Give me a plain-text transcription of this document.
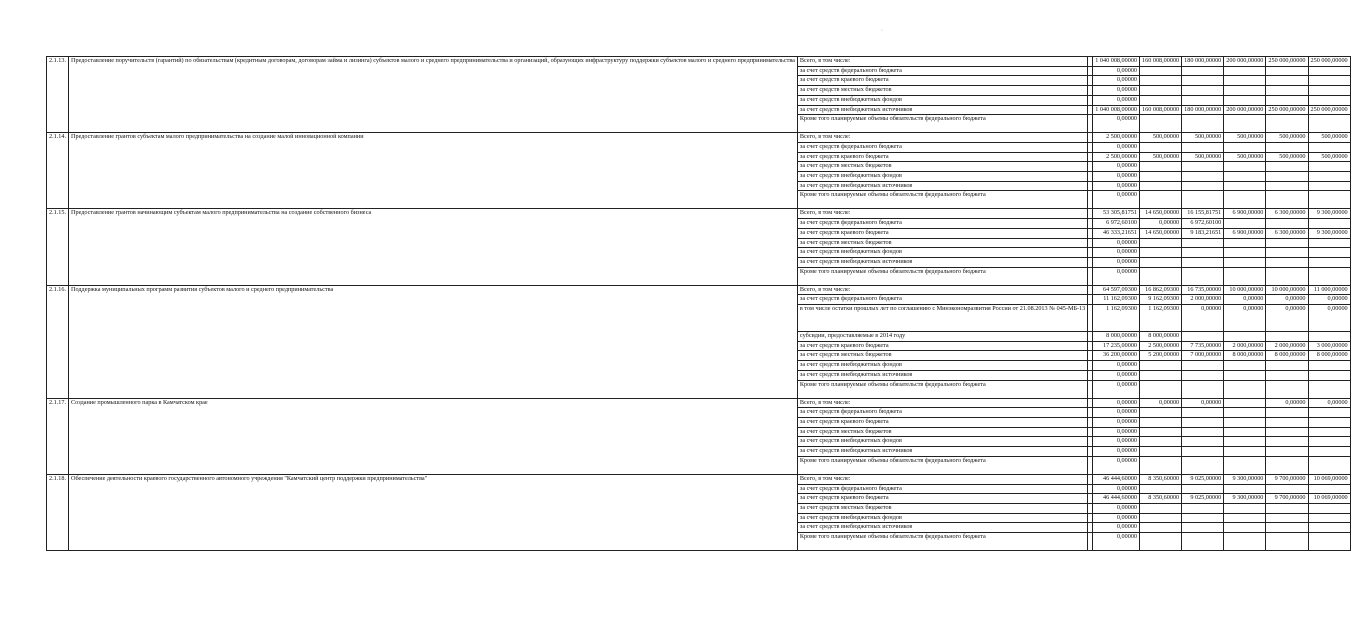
·
2.1.13.	Предоставление поручительств (гарантий) по обязательствам (кредитным договорам, договорам займа и лизинга) субъектов малого и среднего предпринимательства и организаций, образующих инфраструктуру поддержки субъектов малого и среднего предпринимательства	Всего, в том числе:		1 040 008,00000	160 008,00000	180 000,00000	200 000,00000	250 000,00000	250 000,00000
		за счет средств федерального бюджета		0,00000					
		за счет средств краевого бюджета		0,00000					
		за счет средств местных бюджетов		0,00000					
		за счет средств внебюджетных фондов		0,00000					
		за счет средств внебюджетных источников		1 040 008,00000	160 008,00000	180 000,00000	200 000,00000	250 000,00000	250 000,00000
		Кроме того планируемые объемы обязательств федерального бюджета		0,00000					
2.1.14.	Предоставление грантов субъектам малого предпринимательства на создание малой инновационной компании	Всего, в том числе:		2 500,00000	500,00000	500,00000	500,00000	500,00000	500,00000
		за счет средств федерального бюджета		0,00000					
		за счет средств краевого бюджета		2 500,00000	500,00000	500,00000	500,00000	500,00000	500,00000
		за счет средств местных бюджетов		0,00000					
		за счет средств внебюджетных фондов		0,00000					
		за счет средств внебюджетных источников		0,00000					
		Кроме того планируемые объемы обязательств федерального бюджета		0,00000					
2.1.15.	Предоставление грантов начинающим субъектам малого предпринимательства на создание собственного бизнеса	Всего, в том числе:		53 305,81751	14 650,00000	16 155,81751	6 900,00000	6 300,00000	9 300,00000
		за счет средств федерального бюджета		6 972,60100	0,00000	6 972,60100			
		за счет средств краевого бюджета		46 333,21651	14 650,00000	9 183,21651	6 900,00000	6 300,00000	9 300,00000
		за счет средств местных бюджетов		0,00000					
		за счет средств внебюджетных фондов		0,00000					
		за счет средств внебюджетных источников		0,00000					
		Кроме того планируемые объемы обязательств федерального бюджета		0,00000					
2.1.16.	Поддержка муниципальных программ развития субъектов малого и среднего предпринимательства	Всего, в том числе:		64 597,09300	16 862,09300	16 735,00000	10 000,00000	10 000,00000	11 000,00000
		за счет средств федерального бюджета		11 162,09300	9 162,09300	2 000,00000	0,00000	0,00000	0,00000
		в том числе остатки прошлых лет по соглашению с Минэкономразвития России от 21.08.2013 № 045-МБ-13		1 162,09300	1 162,09300	0,00000	0,00000	0,00000	0,00000
		субсидии, предоставляемые в 2014 году		8 000,00000	8 000,00000				
		за счет средств краевого бюджета		17 235,00000	2 500,00000	7 735,00000	2 000,00000	2 000,00000	3 000,00000
		за счет средств местных бюджетов		36 200,00000	5 200,00000	7 000,00000	8 000,00000	8 000,00000	8 000,00000
		за счет средств внебюджетных фондов		0,00000					
		за счет средств внебюджетных источников		0,00000					
		Кроме того планируемые объемы обязательств федерального бюджета		0,00000					
2.1.17.	Создание промышленного парка в Камчатском крае	Всего, в том числе:		0,00000	0,00000	0,00000		0,00000	0,00000
		за счет средств федерального бюджета		0,00000					
		за счет средств краевого бюджета		0,00000					
		за счет средств местных бюджетов		0,00000					
		за счет средств внебюджетных фондов		0,00000					
		за счет средств внебюджетных источников		0,00000					
		Кроме того планируемые объемы обязательств федерального бюджета		0,00000					
2.1.18.	Обеспечение деятельности краевого государственного автономного учреждения "Камчатский центр поддержки предпринимательства"	Всего, в том числе:		46 444,60000	8 350,60000	9 025,00000	9 300,00000	9 700,00000	10 069,00000
		за счет средств федерального бюджета		0,00000					
		за счет средств краевого бюджета		46 444,60000	8 350,60000	9 025,00000	9 300,00000	9 700,00000	10 069,00000
		за счет средств местных бюджетов		0,00000					
		за счет средств внебюджетных фондов		0,00000					
		за счет средств внебюджетных источников		0,00000					
		Кроме того планируемые объемы обязательств федерального бюджета		0,00000					
